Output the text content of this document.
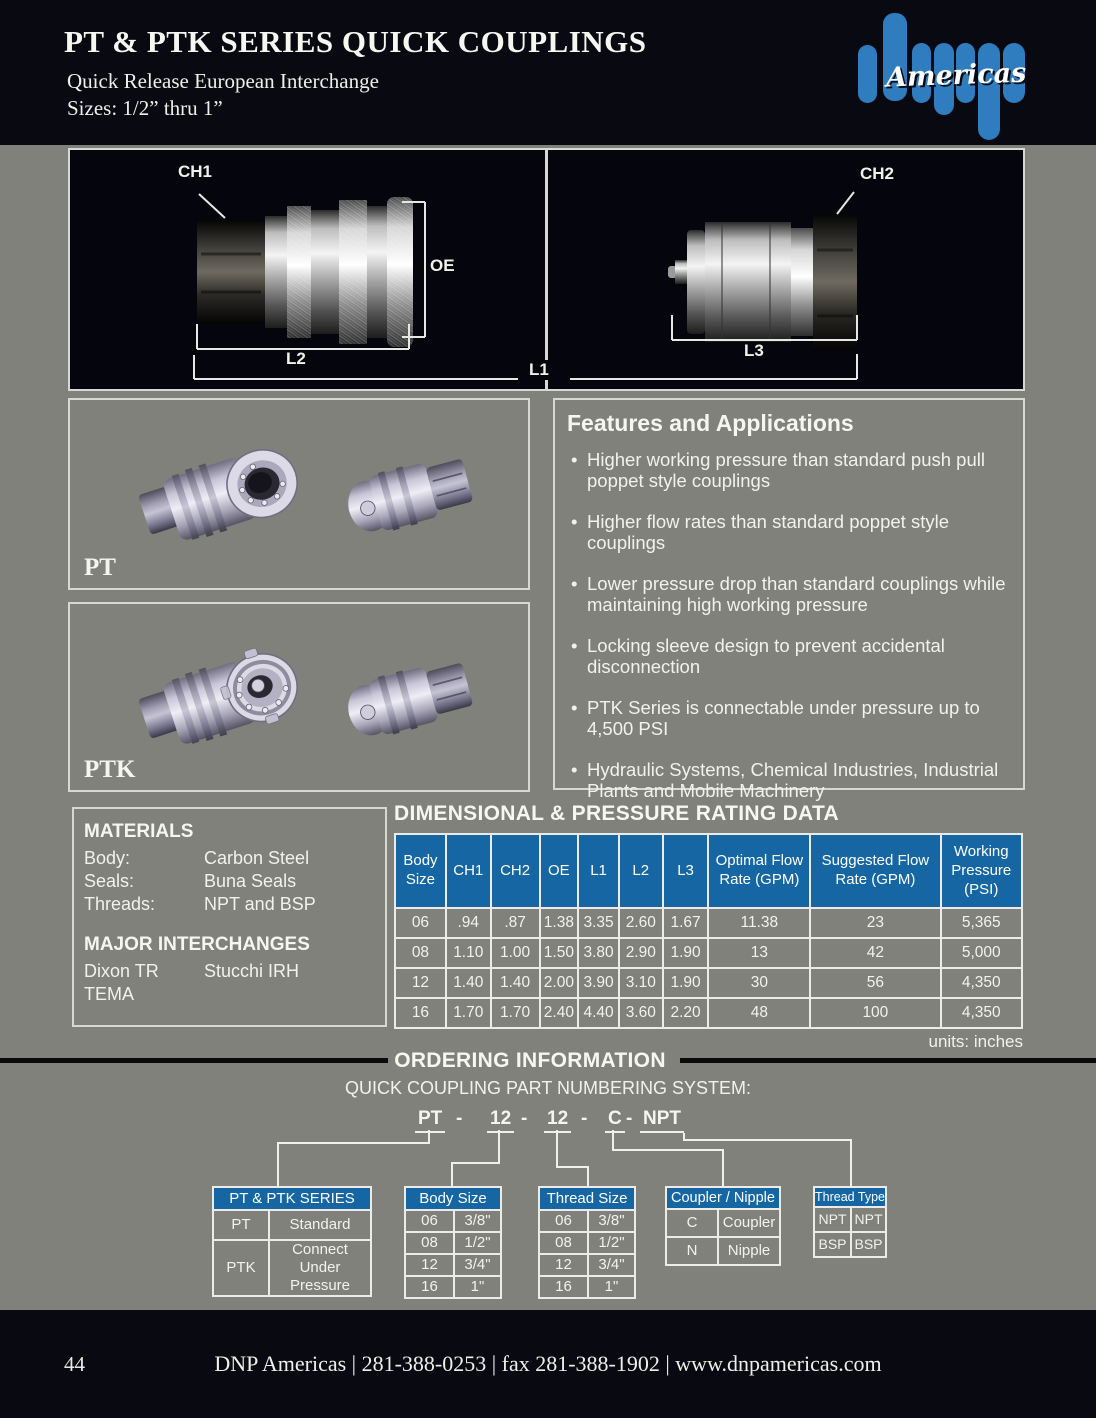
PT & PTK SERIES QUICK COUPLINGS
Quick Release European Interchange
Sizes: 1/2” thru 1”
Americas
CH1
OE
L2
L1
CH2
L3
PT
PTK
Features and Applications
• Higher working pressure than standard push pull poppet style couplings
• Higher flow rates than standard poppet style couplings
• Lower pressure drop than standard couplings while maintaining high working pressure
• Locking sleeve design to prevent accidental disconnection
• PTK Series is connectable under pressure up to 4,500 PSI
• Hydraulic Systems, Chemical Industries, Industrial Plants and Mobile Machinery
MATERIALS
Body:	Carbon Steel
Seals:	Buna Seals
Threads:	NPT and BSP
MAJOR INTERCHANGES
Dixon TR	Stucchi IRH
TEMA	
DIMENSIONAL & PRESSURE RATING DATA
Body Size	CH1	CH2	OE	L1	L2	L3	Optimal Flow Rate (GPM)	Suggested Flow Rate (GPM)	Working Pressure (PSI)
06	.94	.87	1.38	3.35	2.60	1.67	11.38	23	5,365
08	1.10	1.00	1.50	3.80	2.90	1.90	13	42	5,000
12	1.40	1.40	2.00	3.90	3.10	1.90	30	56	4,350
16	1.70	1.70	2.40	4.40	3.60	2.20	48	100	4,350
units: inches
ORDERING INFORMATION
QUICK COUPLING PART NUMBERING SYSTEM:
PT - 12 - 12 - C - NPT
PT & PTK SERIES
PT	Standard
PTK	Connect Under Pressure
Body Size
06	3/8"
08	1/2"
12	3/4"
16	1"
Thread Size
06	3/8"
08	1/2"
12	3/4"
16	1"
Coupler / Nipple
C	Coupler
N	Nipple
Thread Type
NPT	NPT
BSP	BSP
44	DNP Americas | 281-388-0253 | fax 281-388-1902 | www.dnpamericas.com
